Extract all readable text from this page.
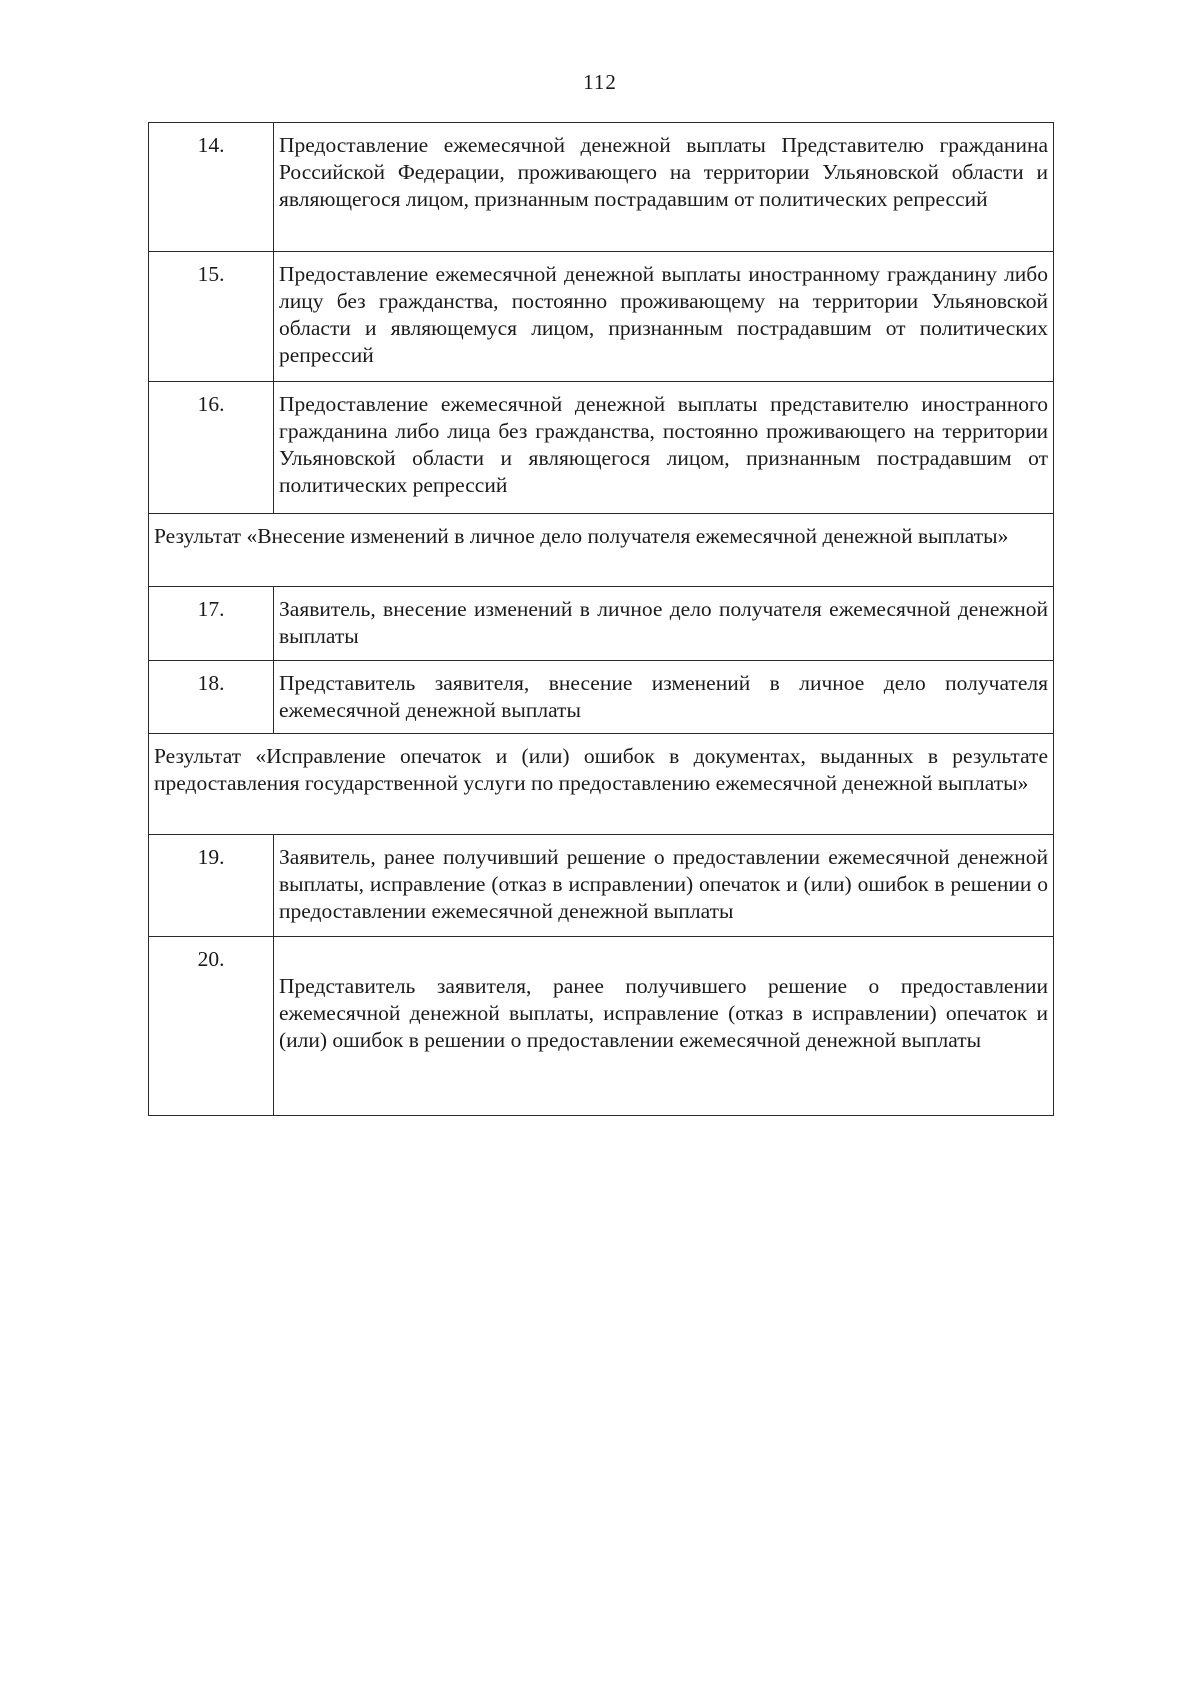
112
14.	Предоставление ежемесячной денежной выплаты Представителю гражданина Российской Федерации, проживающего на территории Ульяновской области и являющегося лицом, признанным пострадавшим от политических репрессий
15.	Предоставление ежемесячной денежной выплаты иностранному гражданину либо лицу без гражданства, постоянно проживающему на территории Ульяновской области и являющемуся лицом, признанным пострадавшим от политических репрессий
16.	Предоставление ежемесячной денежной выплаты представителю иностранного гражданина либо лица без гражданства, постоянно проживающего на территории Ульяновской области и являющегося лицом, признанным пострадавшим от политических репрессий
Результат «Внесение изменений в личное дело получателя ежемесячной денежной выплаты»	
17.	Заявитель, внесение изменений в личное дело получателя ежемесячной денежной выплаты
18.	Представитель заявителя, внесение изменений в личное дело получателя ежемесячной денежной выплаты
Результат «Исправление опечаток и (или) ошибок в документах, выданных в результате предоставления государственной услуги по предоставлению ежемесячной денежной выплаты»	
19.	Заявитель, ранее получивший решение о предоставлении ежемесячной денежной выплаты, исправление (отказ в исправлении) опечаток и (или) ошибок в решении о предоставлении ежемесячной денежной выплаты
20.	Представитель заявителя, ранее получившего решение о предоставлении ежемесячной денежной выплаты, исправление (отказ в исправлении) опечаток и (или) ошибок в решении о предоставлении ежемесячной денежной выплаты
